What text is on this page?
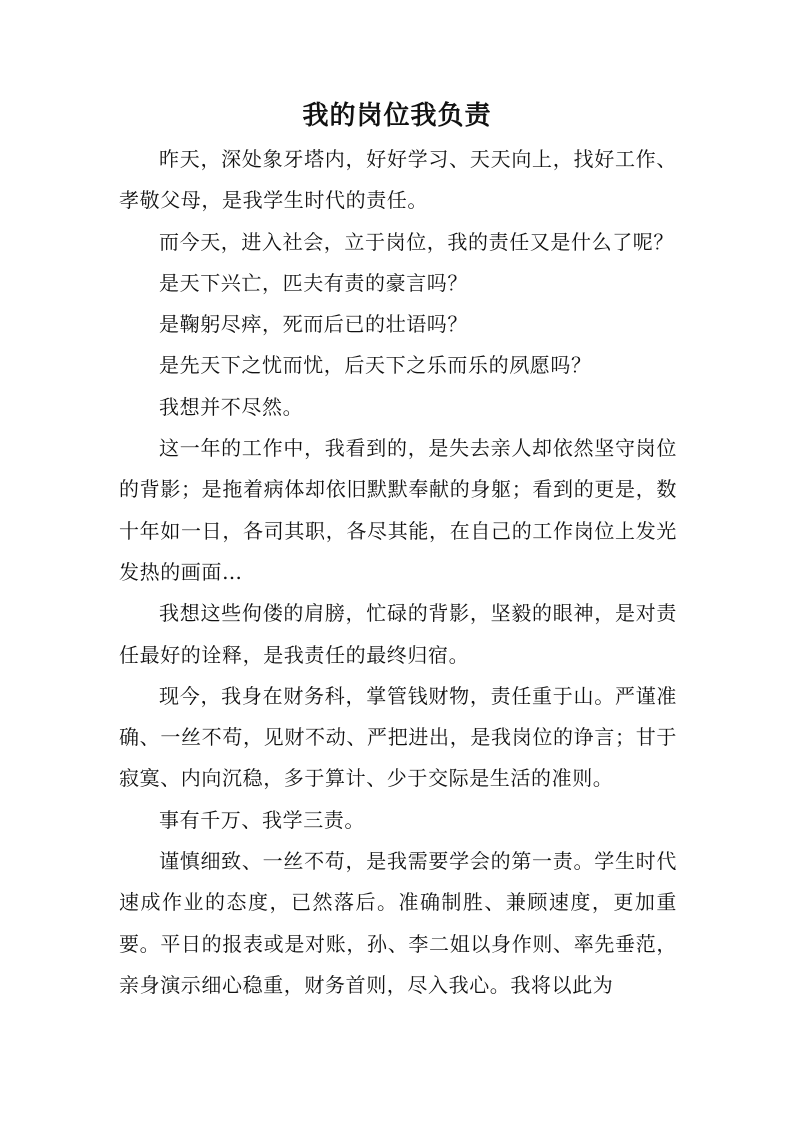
我的岗位我负责

昨天，深处象牙塔内，好好学习、天天向上，找好工作、孝敬父母，是我学生时代的责任。

而今天，进入社会，立于岗位，我的责任又是什么了呢？

是天下兴亡，匹夫有责的豪言吗？

是鞠躬尽瘁，死而后已的壮语吗？

是先天下之忧而忧，后天下之乐而乐的夙愿吗？

我想并不尽然。

这一年的工作中，我看到的，是失去亲人却依然坚守岗位的背影；是拖着病体却依旧默默奉献的身躯；看到的更是，数十年如一日，各司其职，各尽其能，在自己的工作岗位上发光发热的画面…

我想这些佝偻的肩膀，忙碌的背影，坚毅的眼神，是对责任最好的诠释，是我责任的最终归宿。

现今，我身在财务科，掌管钱财物，责任重于山。严谨准确、一丝不苟，见财不动、严把进出，是我岗位的诤言；甘于寂寞、内向沉稳，多于算计、少于交际是生活的准则。

事有千万、我学三责。

谨慎细致、一丝不苟，是我需要学会的第一责。学生时代速成作业的态度，已然落后。准确制胜、兼顾速度，更加重要。平日的报表或是对账，孙、李二姐以身作则、率先垂范，亲身演示细心稳重，财务首则，尽入我心。我将以此为
